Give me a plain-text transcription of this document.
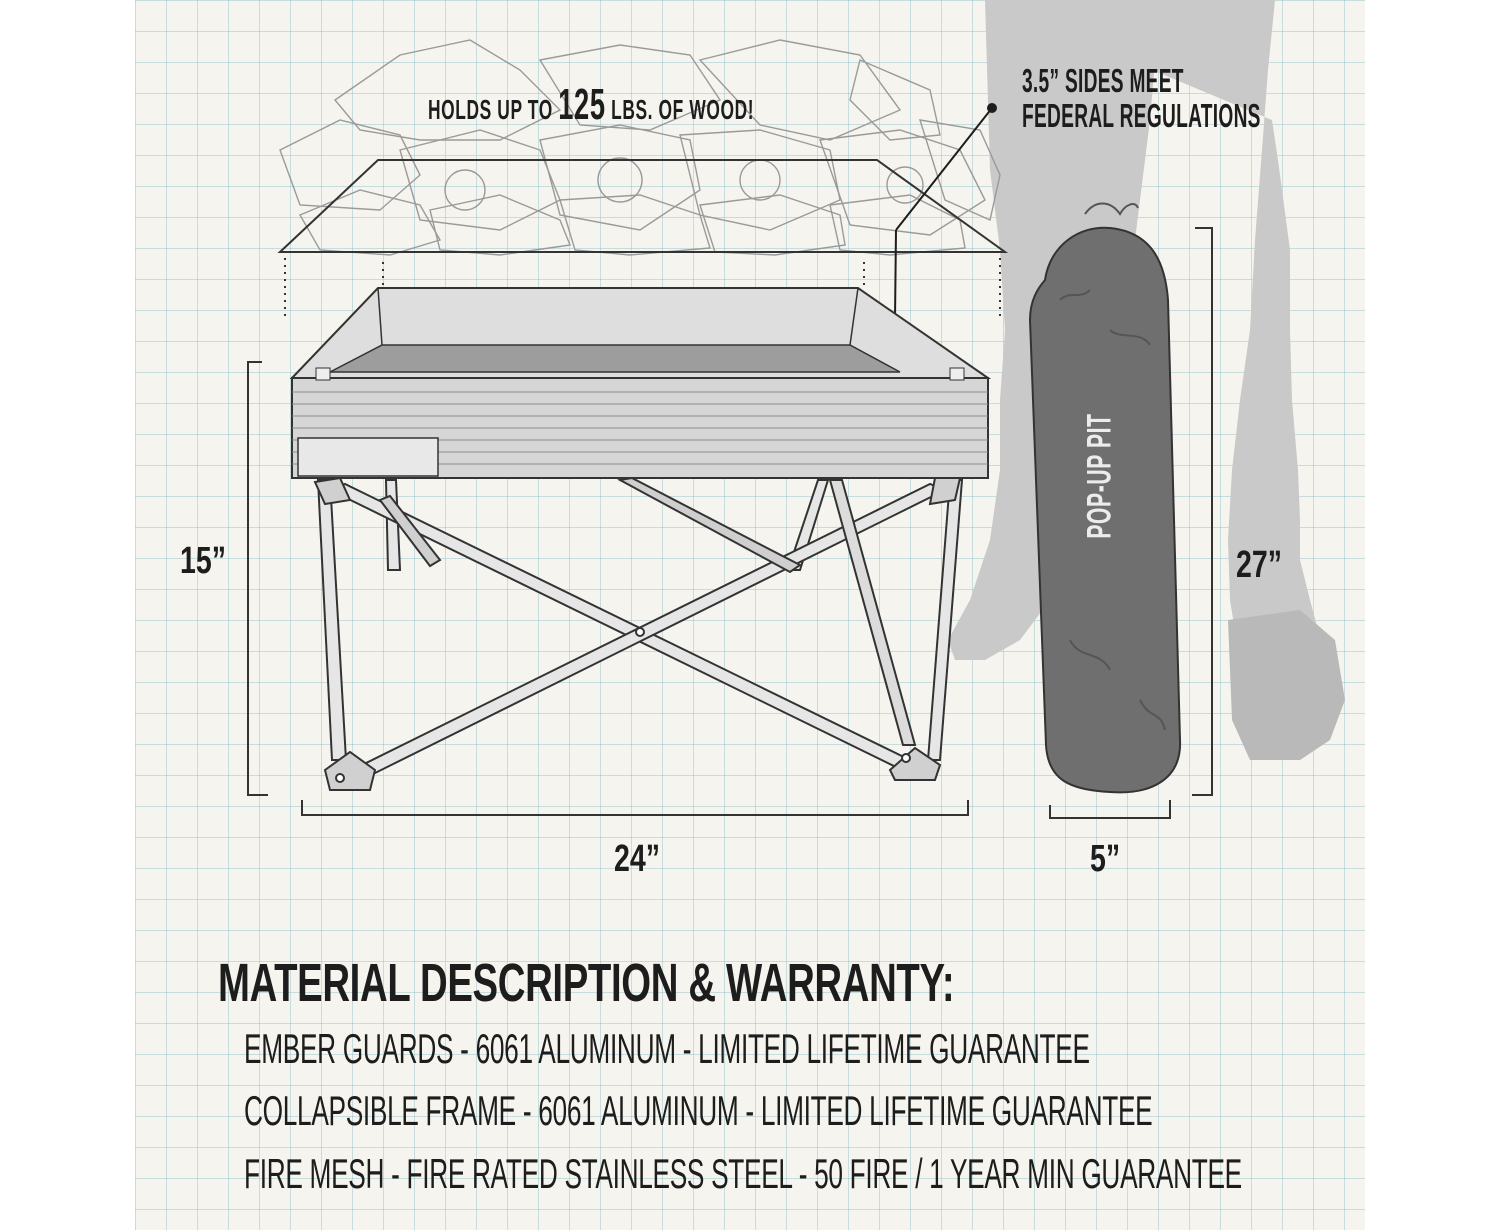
HOLDS UP TO 125 LBS. OF WOOD!

3.5” SIDES MEET

FEDERAL REGULATIONS

15”

24”

27”

5”

POP-UP PIT

MATERIAL DESCRIPTION & WARRANTY:

EMBER GUARDS - 6061 ALUMINUM - LIMITED LIFETIME GUARANTEE

COLLAPSIBLE FRAME - 6061 ALUMINUM - LIMITED LIFETIME GUARANTEE

FIRE MESH - FIRE RATED STAINLESS STEEL - 50 FIRE / 1 YEAR MIN GUARANTEE
